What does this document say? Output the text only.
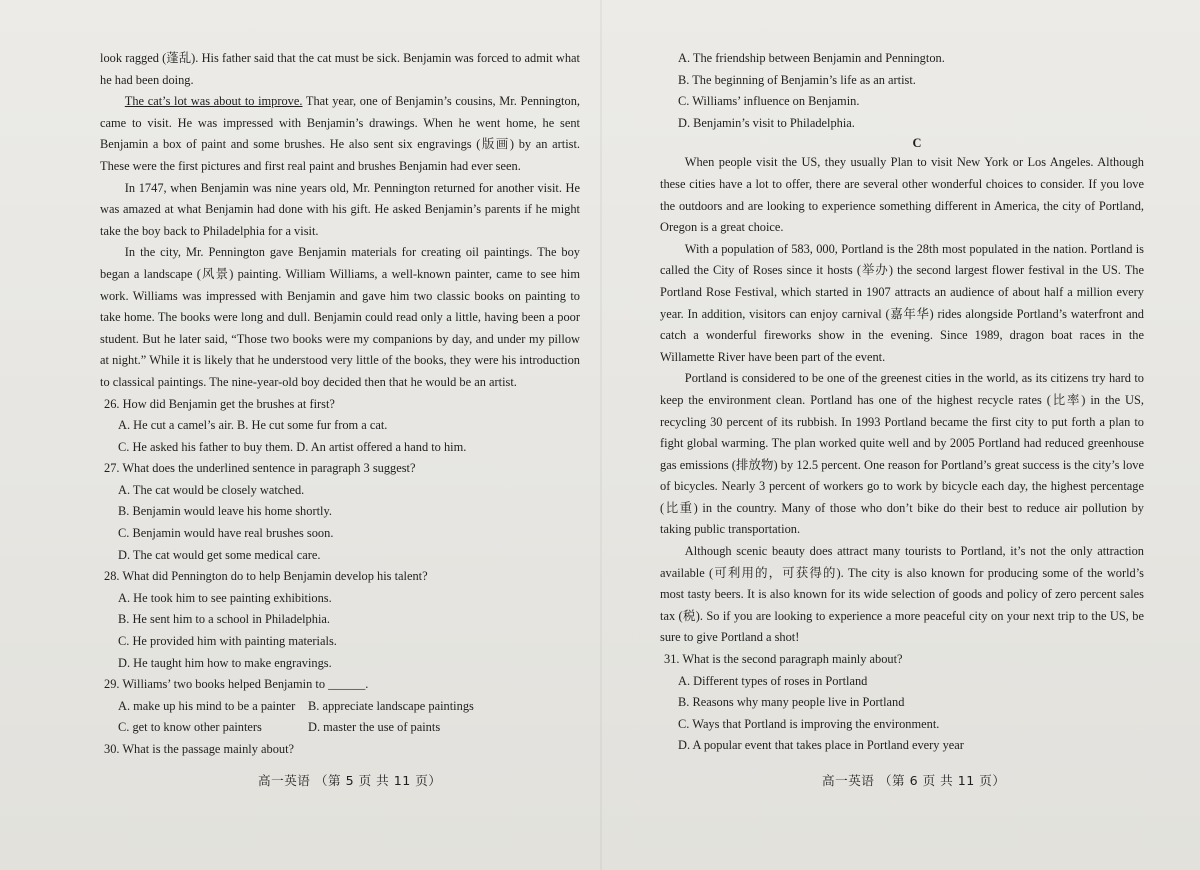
look ragged (蓬乱). His father said that the cat must be sick. Benjamin was forced to admit what he had been doing.

The cat’s lot was about to improve. That year, one of Benjamin’s cousins, Mr. Pennington, came to visit. He was impressed with Benjamin’s drawings. When he went home, he sent Benjamin a box of paint and some brushes. He also sent six engravings (版画) by an artist. These were the first pictures and first real paint and brushes Benjamin had ever seen.

In 1747, when Benjamin was nine years old, Mr. Pennington returned for another visit. He was amazed at what Benjamin had done with his gift. He asked Benjamin’s parents if he might take the boy back to Philadelphia for a visit.

In the city, Mr. Pennington gave Benjamin materials for creating oil paintings. The boy began a landscape (风景) painting. William Williams, a well-known painter, came to see him work. Williams was impressed with Benjamin and gave him two classic books on painting to take home. The books were long and dull. Benjamin could read only a little, having been a poor student. But he later said, “Those two books were my companions by day, and under my pillow at night.” While it is likely that he understood very little of the books, they were his introduction to classical paintings. The nine-year-old boy decided then that he would be an artist.

26. How did Benjamin get the brushes at first?

A. He cut a camel’s air. B. He cut some fur from a cat.

C. He asked his father to buy them. D. An artist offered a hand to him.

27. What does the underlined sentence in paragraph 3 suggest?

A. The cat would be closely watched.

B. Benjamin would leave his home shortly.

C. Benjamin would have real brushes soon.

D. The cat would get some medical care.

28. What did Pennington do to help Benjamin develop his talent?

A. He took him to see painting exhibitions.

B. He sent him to a school in Philadelphia.

C. He provided him with painting materials.

D. He taught him how to make engravings.

29. Williams’ two books helped Benjamin to ______.

A. make up his mind to be a painter	B. appreciate landscape paintings
C. get to know other painters	D. master the use of paints

30. What is the passage mainly about?

高一英语 （第 5 页 共 11 页）

A. The friendship between Benjamin and Pennington.

B. The beginning of Benjamin’s life as an artist.

C. Williams’ influence on Benjamin.

D. Benjamin’s visit to Philadelphia.

C

When people visit the US, they usually Plan to visit New York or Los Angeles. Although these cities have a lot to offer, there are several other wonderful choices to consider. If you love the outdoors and are looking to experience something different in America, the city of Portland, Oregon is a great choice.

With a population of 583, 000, Portland is the 28th most populated in the nation. Portland is called the City of Roses since it hosts (举办) the second largest flower festival in the US. The Portland Rose Festival, which started in 1907 attracts an audience of about half a million every year. In addition, visitors can enjoy carnival (嘉年华) rides alongside Portland’s waterfront and catch a wonderful fireworks show in the evening. Since 1989, dragon boat races in the Willamette River have been part of the event.

Portland is considered to be one of the greenest cities in the world, as its citizens try hard to keep the environment clean. Portland has one of the highest recycle rates (比率) in the US, recycling 30 percent of its rubbish. In 1993 Portland became the first city to put forth a plan to fight global warming. The plan worked quite well and by 2005 Portland had reduced greenhouse gas emissions (排放物) by 12.5 percent. One reason for Portland’s great success is the city’s love of bicycles. Nearly 3 percent of workers go to work by bicycle each day, the highest percentage (比重) in the country. Many of those who don’t bike do their best to reduce air pollution by taking public transportation.

Although scenic beauty does attract many tourists to Portland, it’s not the only attraction available (可利用的，可获得的). The city is also known for producing some of the world’s most tasty beers. It is also known for its wide selection of goods and policy of zero percent sales tax (税). So if you are looking to experience a more peaceful city on your next trip to the US, be sure to give Portland a shot!

31. What is the second paragraph mainly about?

A. Different types of roses in Portland

B. Reasons why many people live in Portland

C. Ways that Portland is improving the environment.

D. A popular event that takes place in Portland every year

高一英语 （第 6 页 共 11 页）
